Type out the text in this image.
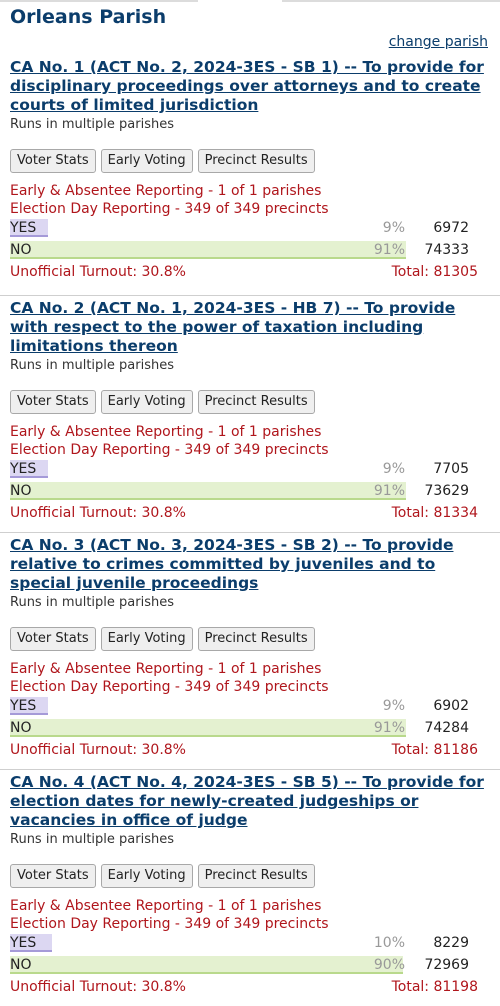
Orleans Parish
change parish
CA No. 1 (ACT No. 2, 2024-3ES - SB 1) -- To provide for disciplinary proceedings over attorneys and to create courts of limited jurisdiction
Runs in multiple parishes
Voter Stats	Early Voting	Precinct Results
Early & Absentee Reporting - 1 of 1 parishes
Election Day Reporting - 349 of 349 precincts
YES	9% 6972
NO	91% 74333
Unofficial Turnout: 30.8%	Total: 81305
CA No. 2 (ACT No. 1, 2024-3ES - HB 7) -- To provide with respect to the power of taxation including limitations thereon
Runs in multiple parishes
Voter Stats	Early Voting	Precinct Results
Early & Absentee Reporting - 1 of 1 parishes
Election Day Reporting - 349 of 349 precincts
YES	9% 7705
NO	91% 73629
Unofficial Turnout: 30.8%	Total: 81334
CA No. 3 (ACT No. 3, 2024-3ES - SB 2) -- To provide relative to crimes committed by juveniles and to special juvenile proceedings
Runs in multiple parishes
Voter Stats	Early Voting	Precinct Results
Early & Absentee Reporting - 1 of 1 parishes
Election Day Reporting - 349 of 349 precincts
YES	9% 6902
NO	91% 74284
Unofficial Turnout: 30.8%	Total: 81186
CA No. 4 (ACT No. 4, 2024-3ES - SB 5) -- To provide for election dates for newly-created judgeships or vacancies in office of judge
Runs in multiple parishes
Voter Stats	Early Voting	Precinct Results
Early & Absentee Reporting - 1 of 1 parishes
Election Day Reporting - 349 of 349 precincts
YES	10% 8229
NO	90% 72969
Unofficial Turnout: 30.8%	Total: 81198
